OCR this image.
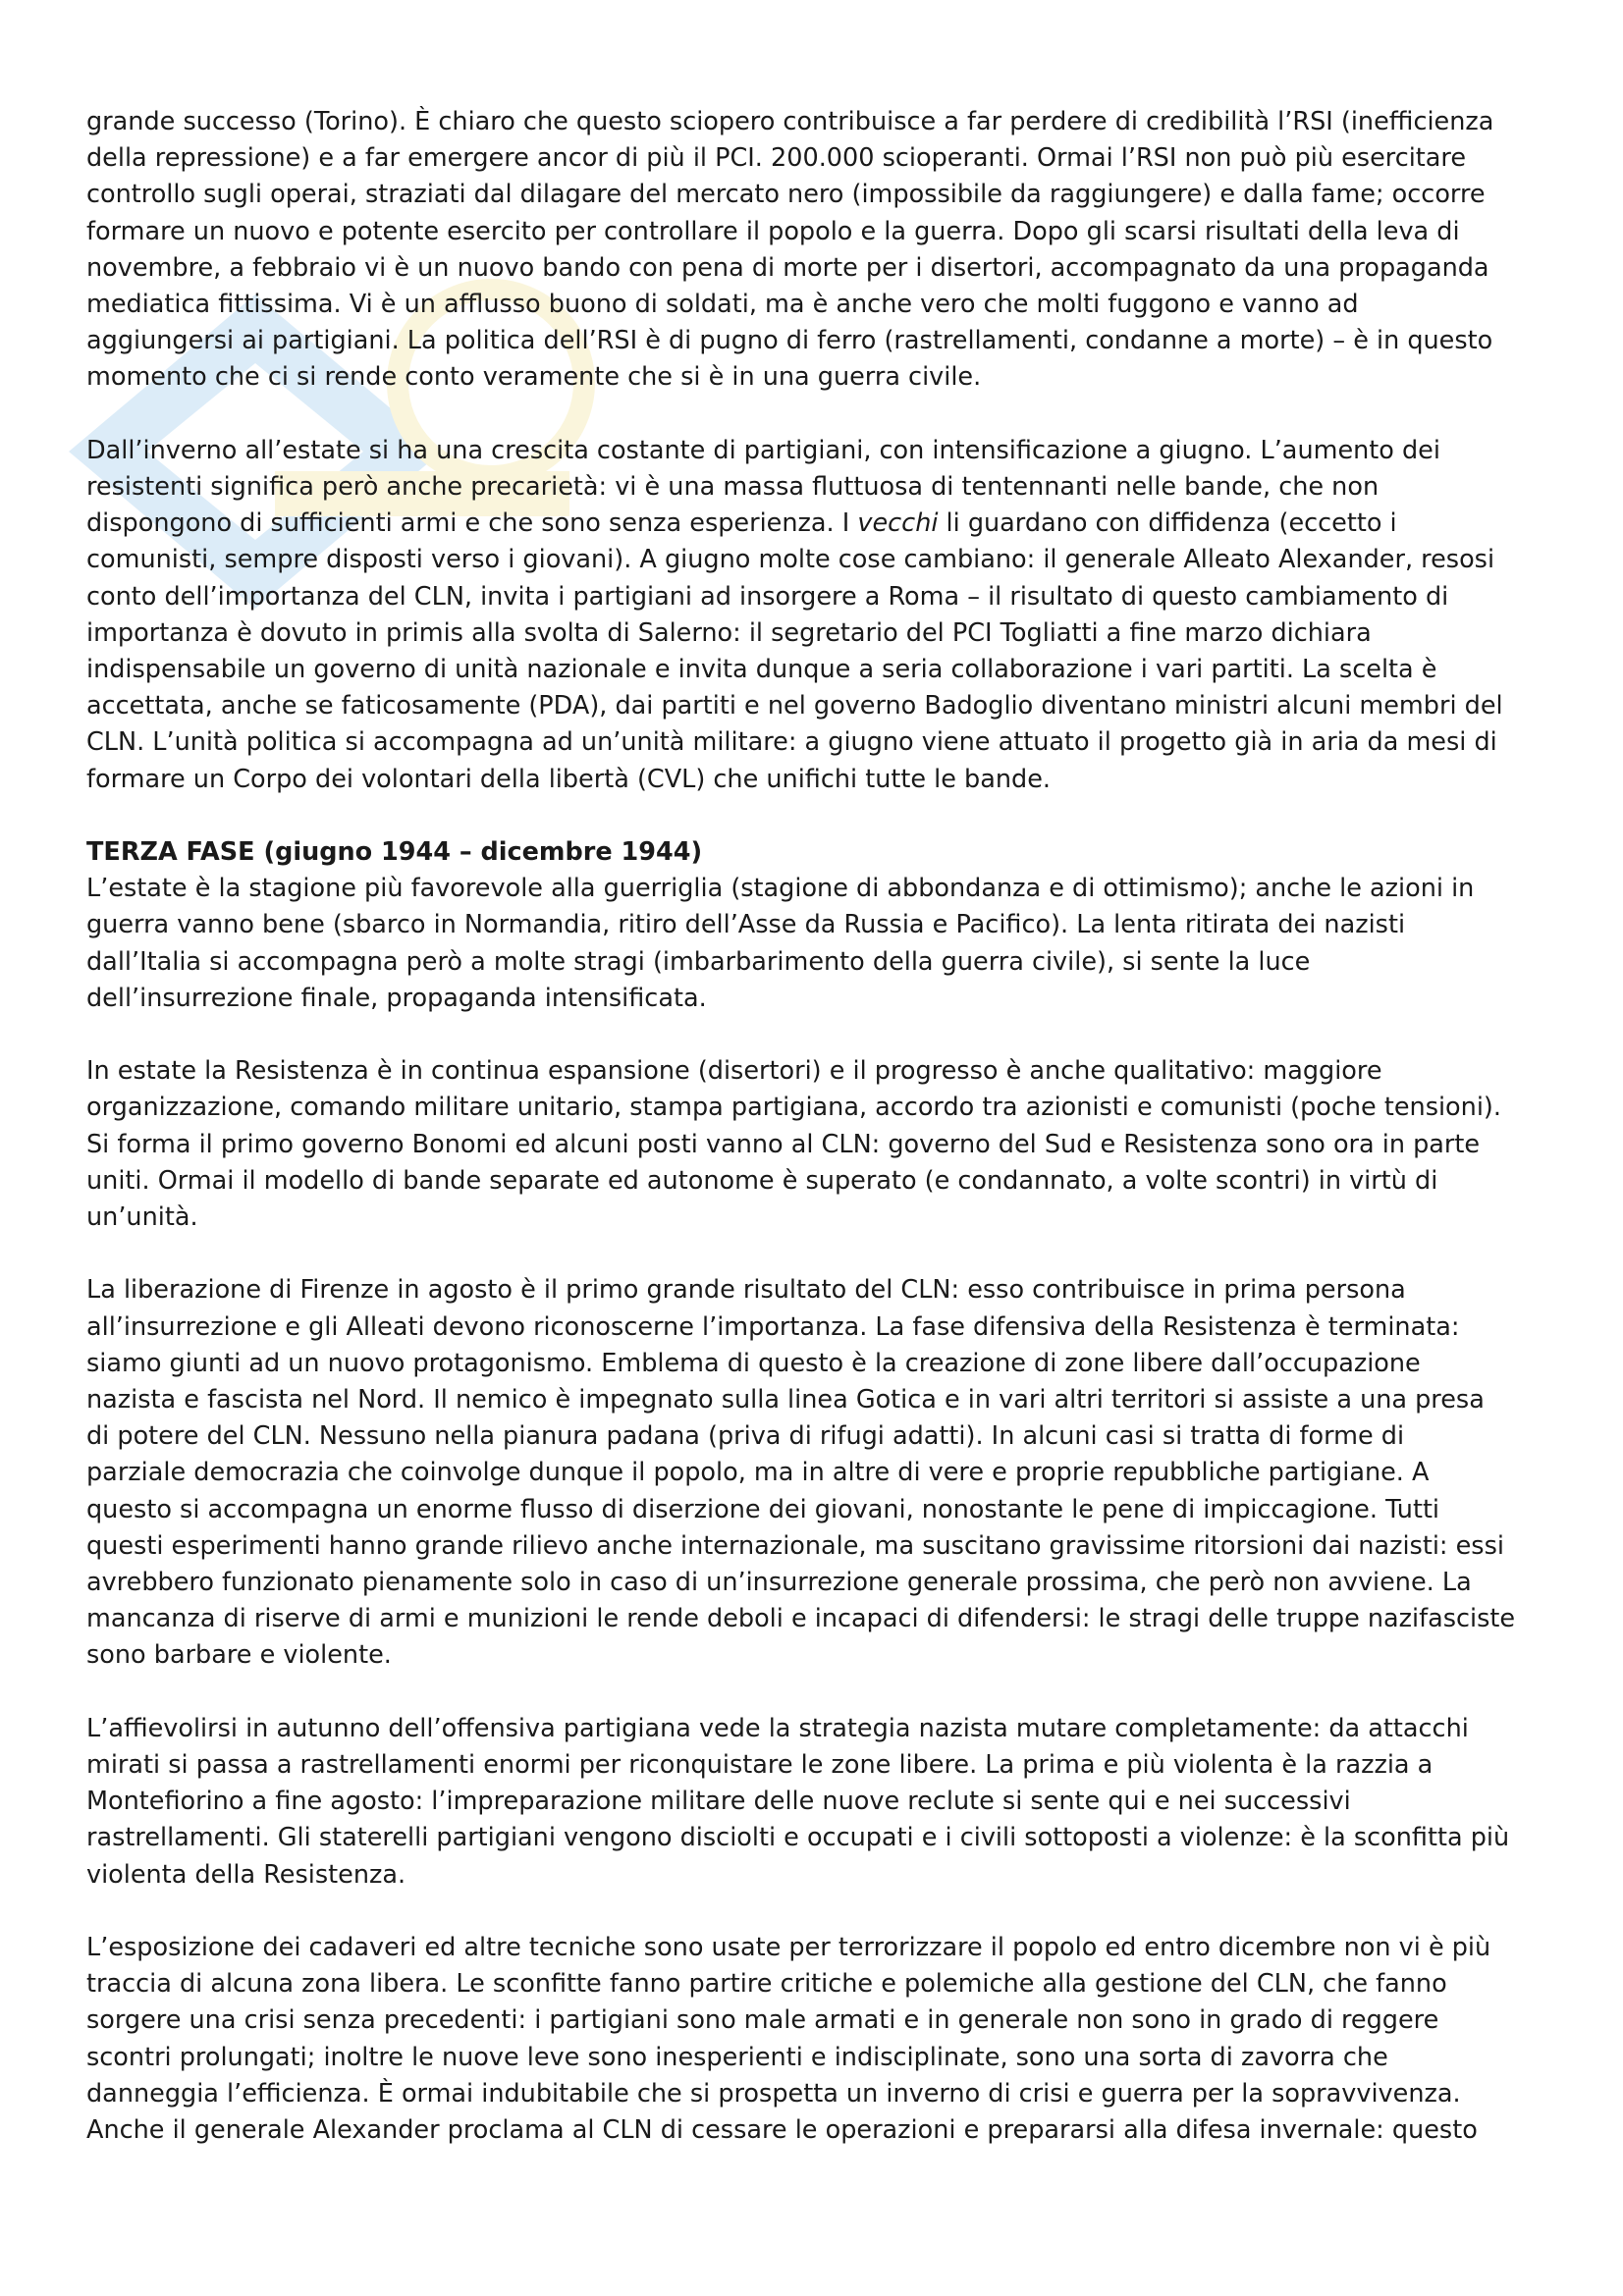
grande successo (Torino). È chiaro che questo sciopero contribuisce a far perdere di credibilità l’RSI (inefficienza
della repressione) e a far emergere ancor di più il PCI. 200.000 scioperanti. Ormai l’RSI non può più esercitare
controllo sugli operai, straziati dal dilagare del mercato nero (impossibile da raggiungere) e dalla fame; occorre
formare un nuovo e potente esercito per controllare il popolo e la guerra. Dopo gli scarsi risultati della leva di
novembre, a febbraio vi è un nuovo bando con pena di morte per i disertori, accompagnato da una propaganda
mediatica fittissima. Vi è un afflusso buono di soldati, ma è anche vero che molti fuggono e vanno ad
aggiungersi ai partigiani. La politica dell’RSI è di pugno di ferro (rastrellamenti, condanne a morte) – è in questo
momento che ci si rende conto veramente che si è in una guerra civile.

Dall’inverno all’estate si ha una crescita costante di partigiani, con intensificazione a giugno. L’aumento dei
resistenti significa però anche precarietà: vi è una massa fluttuosa di tentennanti nelle bande, che non
dispongono di sufficienti armi e che sono senza esperienza. I vecchi li guardano con diffidenza (eccetto i
comunisti, sempre disposti verso i giovani). A giugno molte cose cambiano: il generale Alleato Alexander, resosi
conto dell’importanza del CLN, invita i partigiani ad insorgere a Roma – il risultato di questo cambiamento di
importanza è dovuto in primis alla svolta di Salerno: il segretario del PCI Togliatti a fine marzo dichiara
indispensabile un governo di unità nazionale e invita dunque a seria collaborazione i vari partiti. La scelta è
accettata, anche se faticosamente (PDA), dai partiti e nel governo Badoglio diventano ministri alcuni membri del
CLN. L’unità politica si accompagna ad un’unità militare: a giugno viene attuato il progetto già in aria da mesi di
formare un Corpo dei volontari della libertà (CVL) che unifichi tutte le bande.

TERZA FASE (giugno 1944 – dicembre 1944)

L’estate è la stagione più favorevole alla guerriglia (stagione di abbondanza e di ottimismo); anche le azioni in
guerra vanno bene (sbarco in Normandia, ritiro dell’Asse da Russia e Pacifico). La lenta ritirata dei nazisti
dall’Italia si accompagna però a molte stragi (imbarbarimento della guerra civile), si sente la luce
dell’insurrezione finale, propaganda intensificata.

In estate la Resistenza è in continua espansione (disertori) e il progresso è anche qualitativo: maggiore
organizzazione, comando militare unitario, stampa partigiana, accordo tra azionisti e comunisti (poche tensioni).
Si forma il primo governo Bonomi ed alcuni posti vanno al CLN: governo del Sud e Resistenza sono ora in parte
uniti. Ormai il modello di bande separate ed autonome è superato (e condannato, a volte scontri) in virtù di
un’unità.

La liberazione di Firenze in agosto è il primo grande risultato del CLN: esso contribuisce in prima persona
all’insurrezione e gli Alleati devono riconoscerne l’importanza. La fase difensiva della Resistenza è terminata:
siamo giunti ad un nuovo protagonismo. Emblema di questo è la creazione di zone libere dall’occupazione
nazista e fascista nel Nord. Il nemico è impegnato sulla linea Gotica e in vari altri territori si assiste a una presa
di potere del CLN. Nessuno nella pianura padana (priva di rifugi adatti). In alcuni casi si tratta di forme di
parziale democrazia che coinvolge dunque il popolo, ma in altre di vere e proprie repubbliche partigiane. A
questo si accompagna un enorme flusso di diserzione dei giovani, nonostante le pene di impiccagione. Tutti
questi esperimenti hanno grande rilievo anche internazionale, ma suscitano gravissime ritorsioni dai nazisti: essi
avrebbero funzionato pienamente solo in caso di un’insurrezione generale prossima, che però non avviene. La
mancanza di riserve di armi e munizioni le rende deboli e incapaci di difendersi: le stragi delle truppe nazifasciste
sono barbare e violente.

L’affievolirsi in autunno dell’offensiva partigiana vede la strategia nazista mutare completamente: da attacchi
mirati si passa a rastrellamenti enormi per riconquistare le zone libere. La prima e più violenta è la razzia a
Montefiorino a fine agosto: l’impreparazione militare delle nuove reclute si sente qui e nei successivi
rastrellamenti. Gli staterelli partigiani vengono disciolti e occupati e i civili sottoposti a violenze: è la sconfitta più
violenta della Resistenza.

L’esposizione dei cadaveri ed altre tecniche sono usate per terrorizzare il popolo ed entro dicembre non vi è più
traccia di alcuna zona libera. Le sconfitte fanno partire critiche e polemiche alla gestione del CLN, che fanno
sorgere una crisi senza precedenti: i partigiani sono male armati e in generale non sono in grado di reggere
scontri prolungati; inoltre le nuove leve sono inesperienti e indisciplinate, sono una sorta di zavorra che
danneggia l’efficienza. È ormai indubitabile che si prospetta un inverno di crisi e guerra per la sopravvivenza.
Anche il generale Alexander proclama al CLN di cessare le operazioni e prepararsi alla difesa invernale: questo
